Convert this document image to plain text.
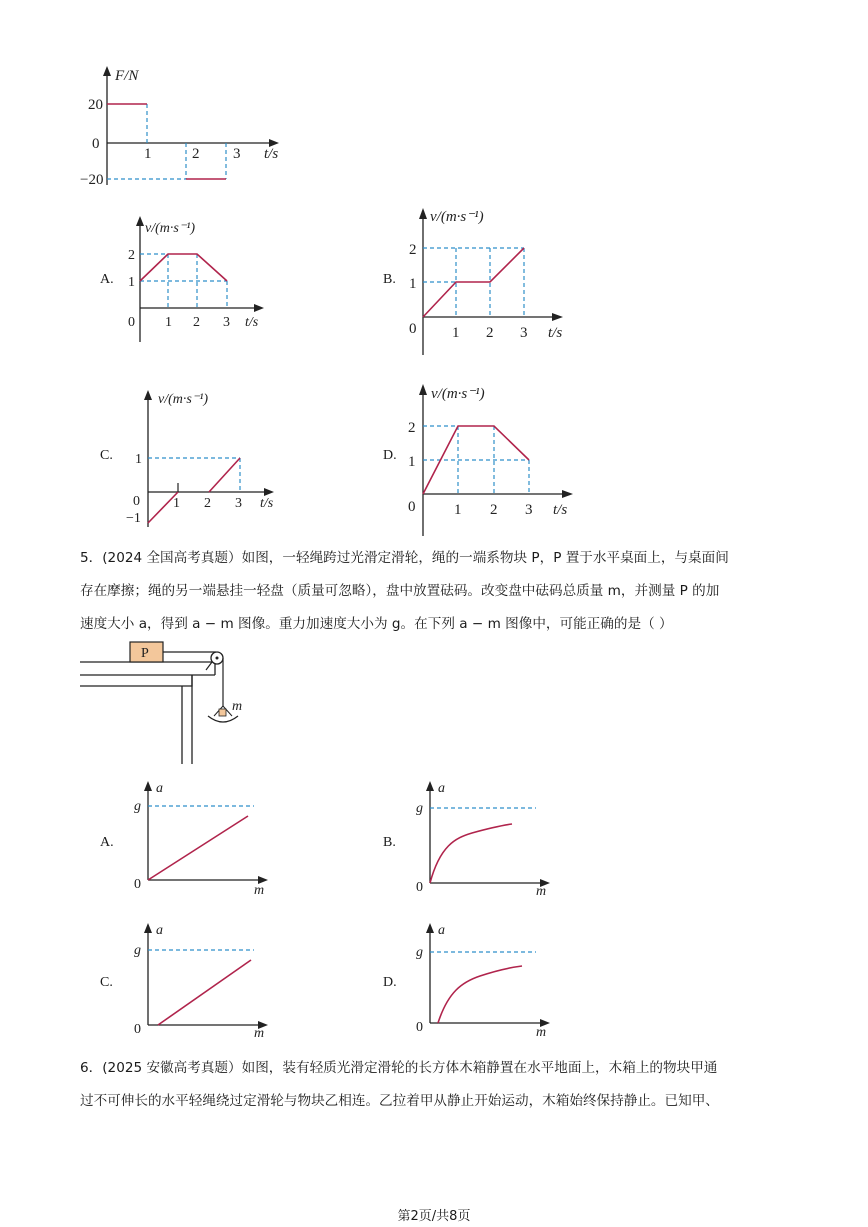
F/N
20
0
−20
1	2 3 t/s
A.
v/(m·s⁻¹)
2
1
0 1 2 3 t/s
B.
v/(m·s⁻¹)
2
1
0 1 2 3 t/s
C.
v/(m·s⁻¹)
1
−1
0 1 2 3 t/s
D.
v/(m·s⁻¹)
2
1
0	1 2 3 t/s
5．(2024 全国高考真题）如图，一轻绳跨过光滑定滑轮，绳的一端系物块 P，P 置于水平桌面上，与桌面间
存在摩擦；绳的另一端悬挂一轻盘（质量可忽略），盘中放置砝码。改变盘中砝码总质量 m，并测量 P 的加
速度大小 a，得到 a − m 图像。重力加速度大小为 g。在下列 a − m 图像中，可能正确的是（ ）
P
m
A.
a
g
0	m
B.
a
g
0	m
C.
a
g
0	m
D.
a
g
0	m
6．(2025 安徽高考真题）如图，装有轻质光滑定滑轮的长方体木箱静置在水平地面上，木箱上的物块甲通
过不可伸长的水平轻绳绕过定滑轮与物块乙相连。乙拉着甲从静止开始运动，木箱始终保持静止。已知甲、
第2页/共8页
